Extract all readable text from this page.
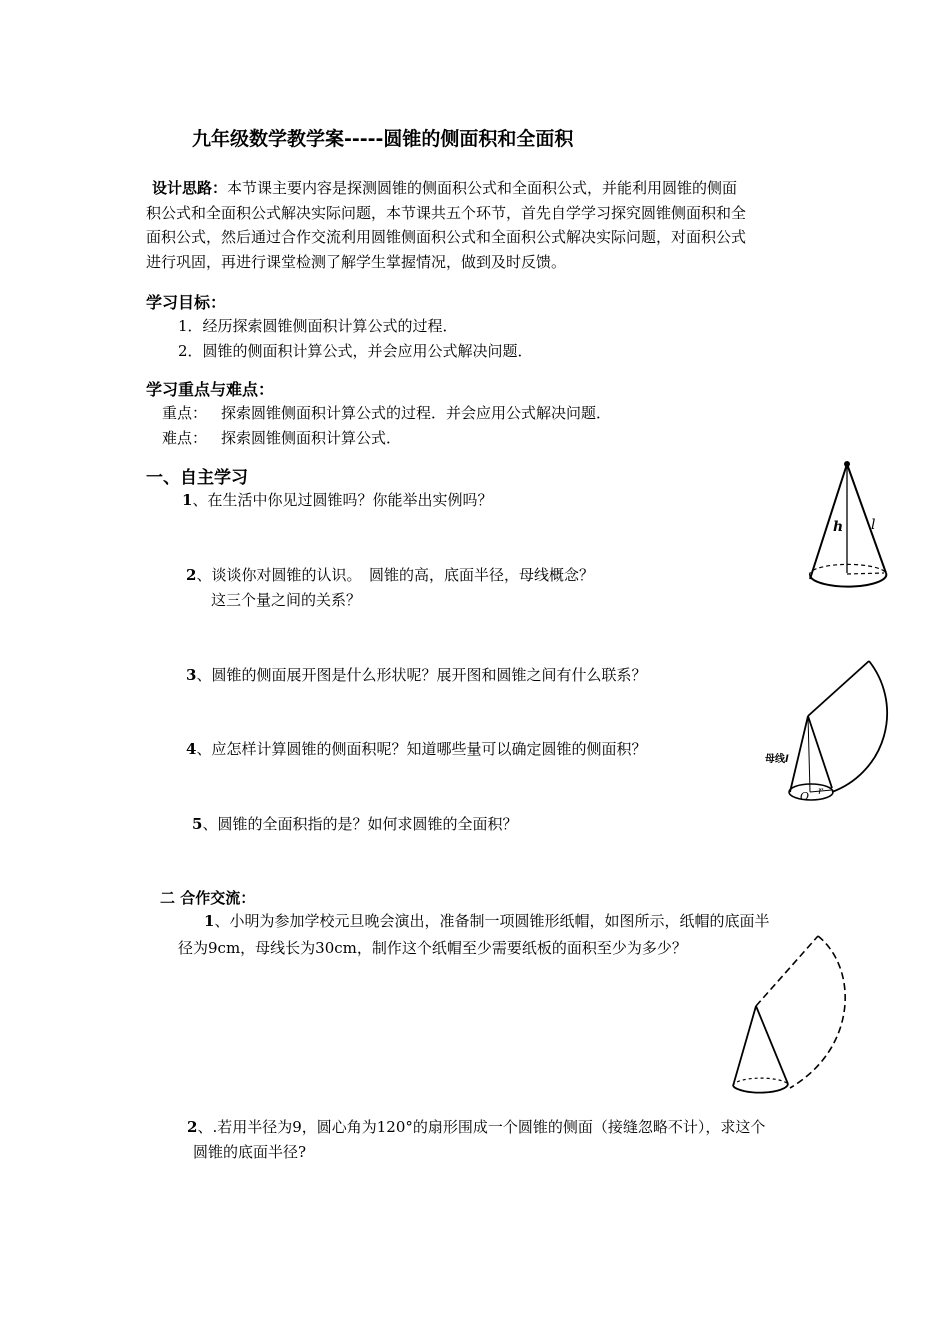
九年级数学教学案-----圆锥的侧面积和全面积
设计思路：本节课主要内容是探测圆锥的侧面积公式和全面积公式，并能利用圆锥的侧面
积公式和全面积公式解决实际问题，本节课共五个环节，首先自学学习探究圆锥侧面积和全
面积公式，然后通过合作交流利用圆锥侧面积公式和全面积公式解决实际问题，对面积公式
进行巩固，再进行课堂检测了解学生掌握情况，做到及时反馈。
学习目标：
1．经历探索圆锥侧面积计算公式的过程．
2．圆锥的侧面积计算公式，并会应用公式解决问题．
学习重点与难点：
重点： 探索圆锥侧面积计算公式的过程．并会应用公式解决问题．
难点： 探索圆锥侧面积计算公式．
一、自主学习
1、在生活中你见过圆锥吗？你能举出实例吗？
2、谈谈你对圆锥的认识。　圆锥的高，底面半径，母线概念？
这三个量之间的关系？
3、圆锥的侧面展开图是什么形状呢？展开图和圆锥之间有什么联系？
4、应怎样计算圆锥的侧面积呢？知道哪些量可以确定圆锥的侧面积？
5、圆锥的全面积指的是？如何求圆锥的全面积？
二 合作交流：
1、小明为参加学校元旦晚会演出，准备制一项圆锥形纸帽，如图所示，纸帽的底面半
径为9cm，母线长为30cm，制作这个纸帽至少需要纸板的面积至少为多少？
2、.若用半径为9，圆心角为120°的扇形围成一个圆锥的侧面（接缝忽略不计），求这个
圆锥的底面半径?
h l
母线l
O r
